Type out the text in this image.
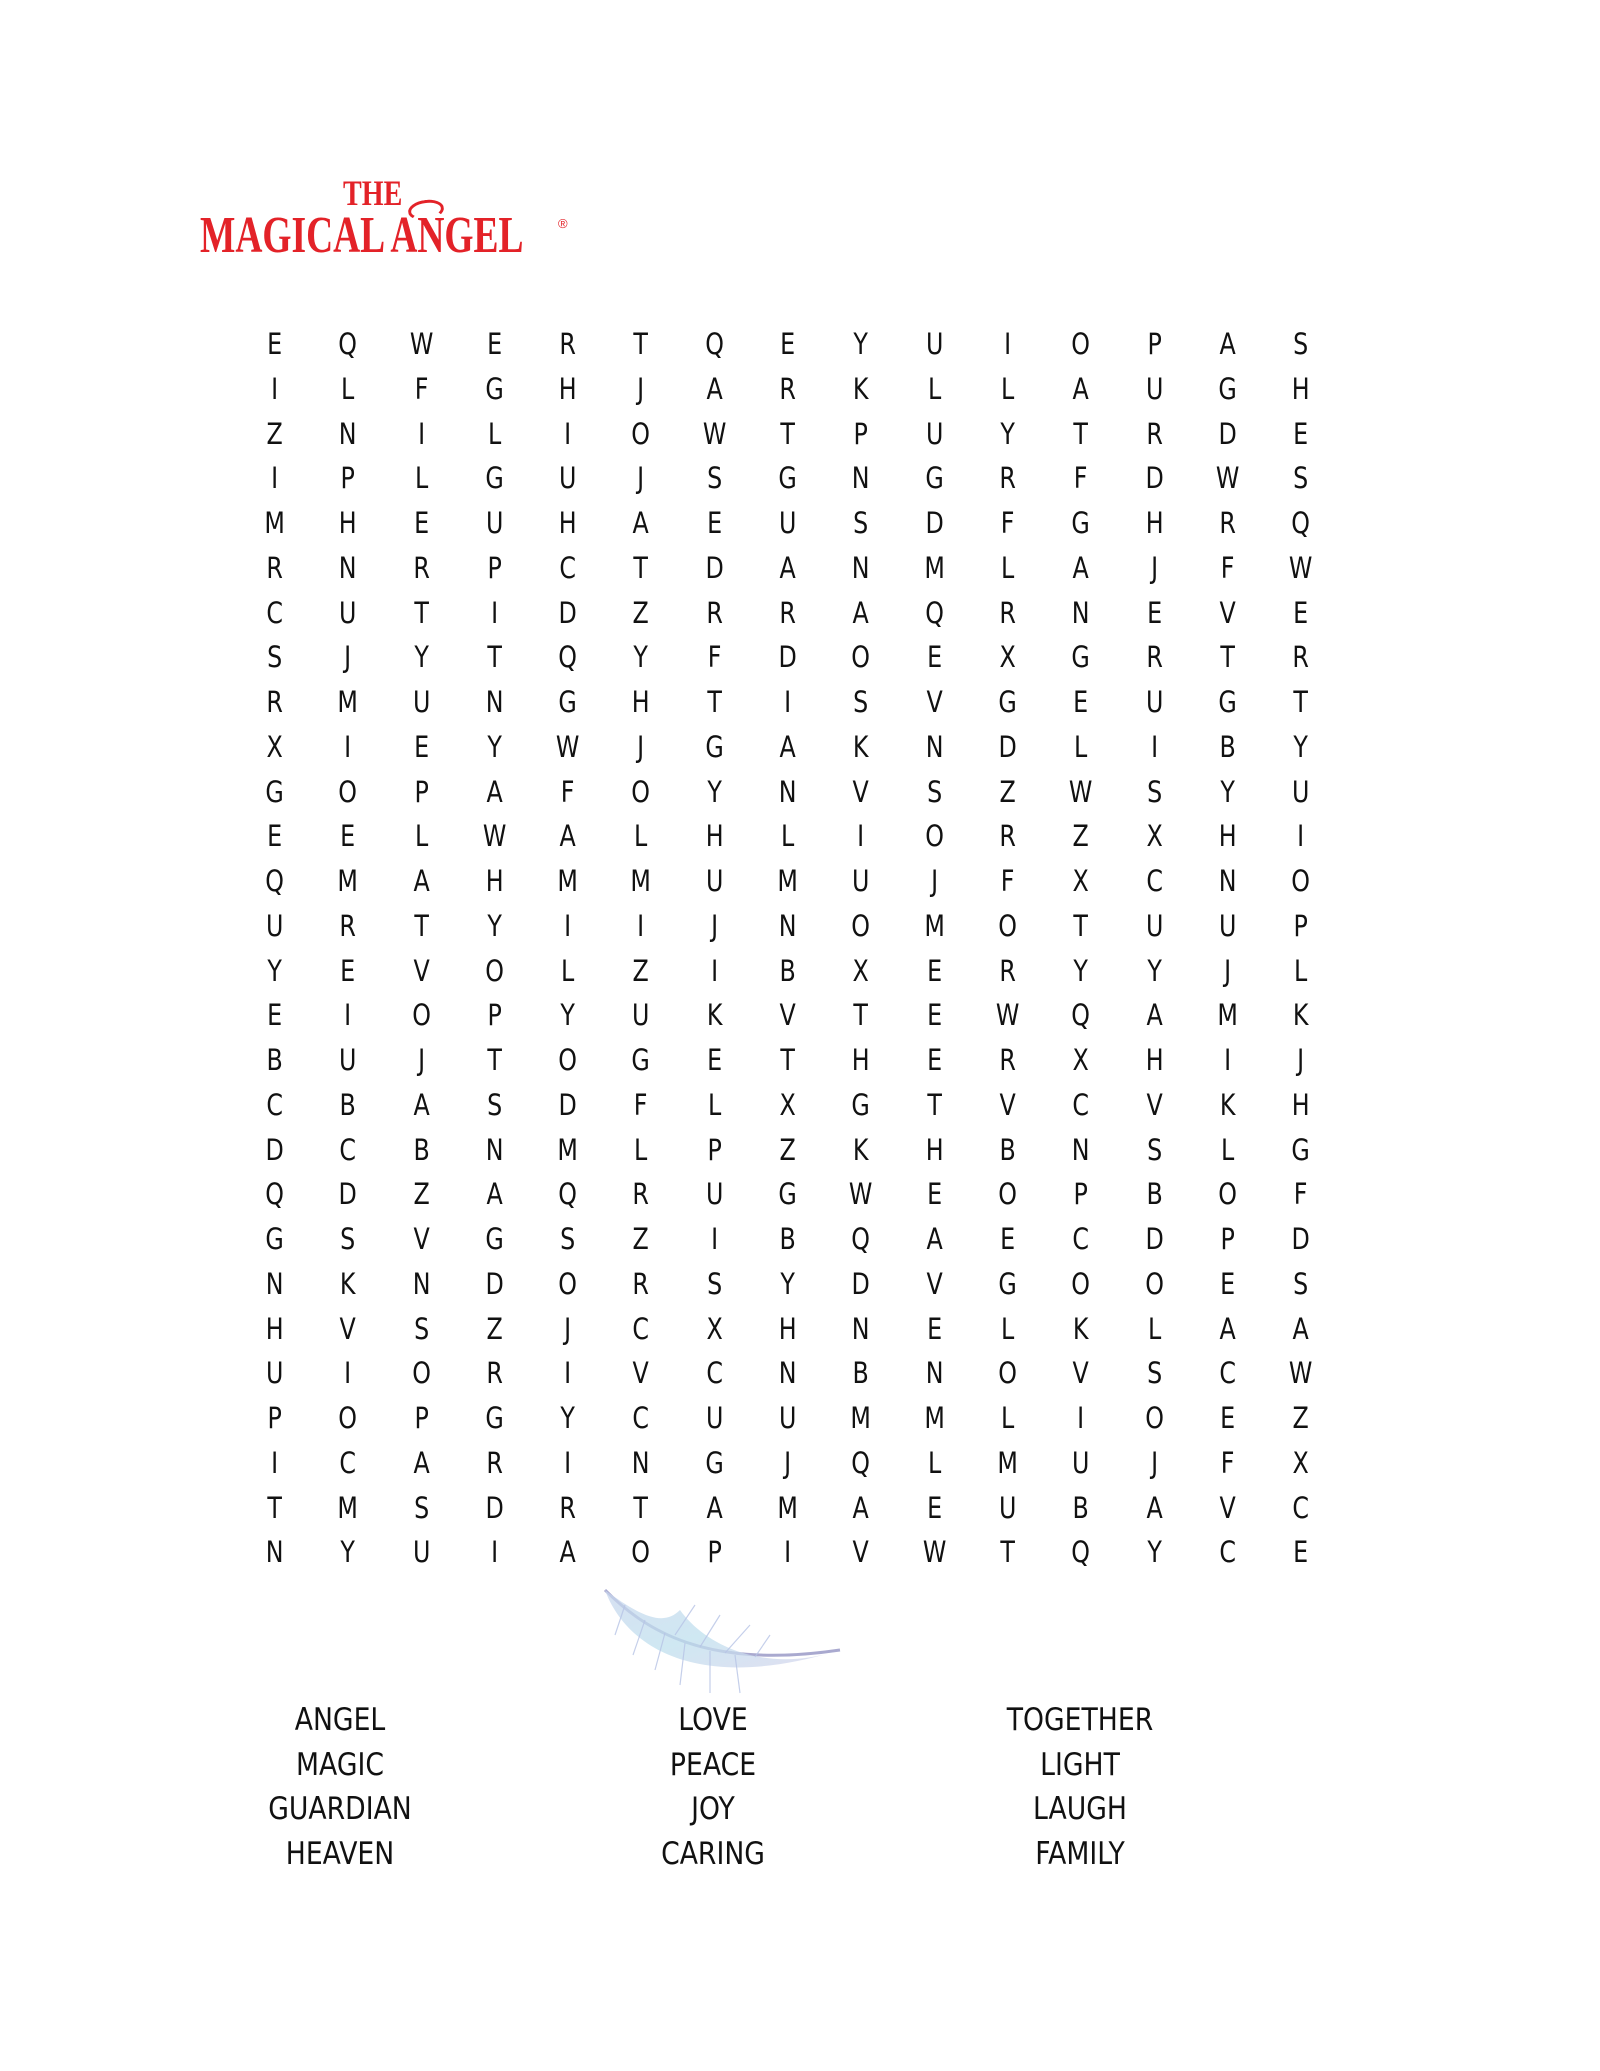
THE
MAGICAL ANGEL	®
E	Q	W	E	R	T	Q	E	Y	U	I	O	P	A	S
I	L	F	G	H	J	A	R	K	L	L	A	U	G	H
Z	N	I	L	I	O	W	T	P	U	Y	T	R	D	E
I	P	L	G	U	J	S	G	N	G	R	F	D	W	S
M	H	E	U	H	A	E	U	S	D	F	G	H	R	Q
R	N	R	P	C	T	D	A	N	M	L	A	J	F	W
C	U	T	I	D	Z	R	R	A	Q	R	N	E	V	E
S	J	Y	T	Q	Y	F	D	O	E	X	G	R	T	R
R	M	U	N	G	H	T	I	S	V	G	E	U	G	T
X	I	E	Y	W	J	G	A	K	N	D	L	I	B	Y
G	O	P	A	F	O	Y	N	V	S	Z	W	S	Y	U
E	E	L	W	A	L	H	L	I	O	R	Z	X	H	I
Q	M	A	H	M	M	U	M	U	J	F	X	C	N	O
U	R	T	Y	I	I	J	N	O	M	O	T	U	U	P
Y	E	V	O	L	Z	I	B	X	E	R	Y	Y	J	L
E	I	O	P	Y	U	K	V	T	E	W	Q	A	M	K
B	U	J	T	O	G	E	T	H	E	R	X	H	I	J
C	B	A	S	D	F	L	X	G	T	V	C	V	K	H
D	C	B	N	M	L	P	Z	K	H	B	N	S	L	G
Q	D	Z	A	Q	R	U	G	W	E	O	P	B	O	F
G	S	V	G	S	Z	I	B	Q	A	E	C	D	P	D
N	K	N	D	O	R	S	Y	D	V	G	O	O	E	S
H	V	S	Z	J	C	X	H	N	E	L	K	L	A	A
U	I	O	R	I	V	C	N	B	N	O	V	S	C	W
P	O	P	G	Y	C	U	U	M	M	L	I	O	E	Z
I	C	A	R	I	N	G	J	Q	L	M	U	J	F	X
T	M	S	D	R	T	A	M	A	E	U	B	A	V	C
N	Y	U	I	A	O	P	I	V	W	T	Q	Y	C	E
ANGEL
MAGIC
GUARDIAN
HEAVEN
LOVE
PEACE
JOY
CARING
TOGETHER
LIGHT
LAUGH
FAMILY
